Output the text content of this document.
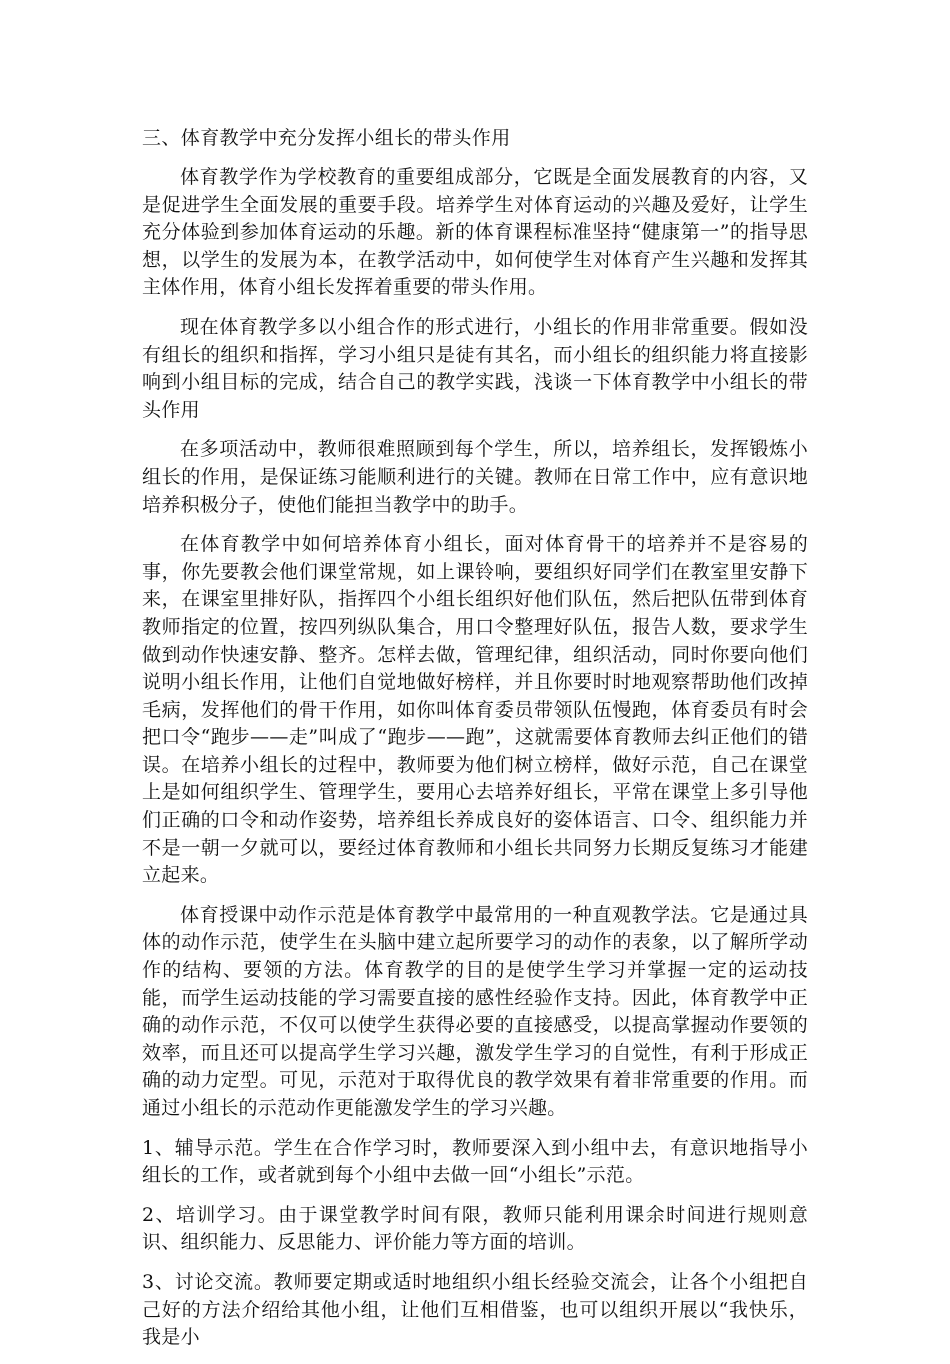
三、体育教学中充分发挥小组长的带头作用

体育教学作为学校教育的重要组成部分，它既是全面发展教育的内容，又是促进学生全面发展的重要手段。培养学生对体育运动的兴趣及爱好，让学生充分体验到参加体育运动的乐趣。新的体育课程标准坚持“健康第一”的指导思想，以学生的发展为本，在教学活动中，如何使学生对体育产生兴趣和发挥其主体作用，体育小组长发挥着重要的带头作用。

现在体育教学多以小组合作的形式进行，小组长的作用非常重要。假如没有组长的组织和指挥，学习小组只是徒有其名，而小组长的组织能力将直接影响到小组目标的完成，结合自己的教学实践，浅谈一下体育教学中小组长的带头作用

在多项活动中，教师很难照顾到每个学生，所以，培养组长，发挥锻炼小组长的作用，是保证练习能顺利进行的关键。教师在日常工作中，应有意识地培养积极分子，使他们能担当教学中的助手。

在体育教学中如何培养体育小组长，面对体育骨干的培养并不是容易的事，你先要教会他们课堂常规，如上课铃响，要组织好同学们在教室里安静下来，在课室里排好队，指挥四个小组长组织好他们队伍，然后把队伍带到体育教师指定的位置，按四列纵队集合，用口令整理好队伍，报告人数，要求学生做到动作快速安静、整齐。怎样去做，管理纪律，组织活动，同时你要向他们说明小组长作用，让他们自觉地做好榜样，并且你要时时地观察帮助他们改掉毛病，发挥他们的骨干作用，如你叫体育委员带领队伍慢跑，体育委员有时会把口令“跑步——走”叫成了“跑步——跑”，这就需要体育教师去纠正他们的错误。在培养小组长的过程中，教师要为他们树立榜样，做好示范，自己在课堂上是如何组织学生、管理学生，要用心去培养好组长，平常在课堂上多引导他们正确的口令和动作姿势，培养组长养成良好的姿体语言、口令、组织能力并不是一朝一夕就可以，要经过体育教师和小组长共同努力长期反复练习才能建立起来。

体育授课中动作示范是体育教学中最常用的一种直观教学法。它是通过具体的动作示范，使学生在头脑中建立起所要学习的动作的表象，以了解所学动作的结构、要领的方法。体育教学的目的是使学生学习并掌握一定的运动技能，而学生运动技能的学习需要直接的感性经验作支持。因此，体育教学中正确的动作示范，不仅可以使学生获得必要的直接感受，以提高掌握动作要领的效率，而且还可以提高学生学习兴趣，激发学生学习的自觉性，有利于形成正确的动力定型。可见，示范对于取得优良的教学效果有着非常重要的作用。而通过小组长的示范动作更能激发学生的学习兴趣。

1、辅导示范。学生在合作学习时，教师要深入到小组中去，有意识地指导小组长的工作，或者就到每个小组中去做一回“小组长”示范。

2、培训学习。由于课堂教学时间有限，教师只能利用课余时间进行规则意识、组织能力、反思能力、评价能力等方面的培训。

3、讨论交流。教师要定期或适时地组织小组长经验交流会，让各个小组把自己好的方法介绍给其他小组，让他们互相借鉴，也可以组织开展以“我快乐，我是小
